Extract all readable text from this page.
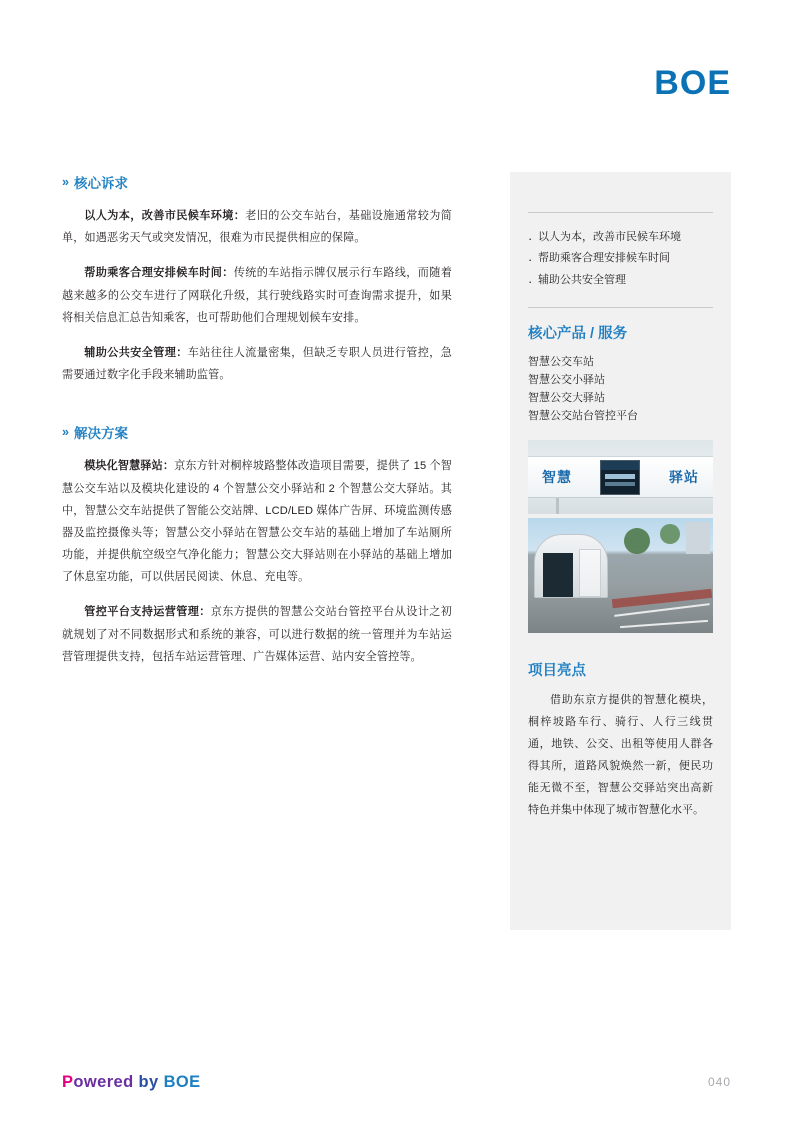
BOE
» 核心诉求

以人为本，改善市民候车环境：老旧的公交车站台，基础设施通常较为简单，如遇恶劣天气或突发情况，很难为市民提供相应的保障。

帮助乘客合理安排候车时间：传统的车站指示牌仅展示行车路线，而随着越来越多的公交车进行了网联化升级，其行驶线路实时可查询需求提升，如果将相关信息汇总告知乘客，也可帮助他们合理规划候车安排。

辅助公共安全管理：车站往往人流量密集，但缺乏专职人员进行管控，急需要通过数字化手段来辅助监管。

» 解决方案

模块化智慧驿站：京东方针对桐梓坡路整体改造项目需要，提供了 15 个智慧公交车站以及模块化建设的 4 个智慧公交小驿站和 2 个智慧公交大驿站。其中，智慧公交车站提供了智能公交站牌、LCD/LED 媒体广告屏、环境监测传感器及监控摄像头等；智慧公交小驿站在智慧公交车站的基础上增加了车站厕所功能，并提供航空级空气净化能力；智慧公交大驿站则在小驿站的基础上增加了休息室功能，可以供居民阅读、休息、充电等。

管控平台支持运营管理：京东方提供的智慧公交站台管控平台从设计之初就规划了对不同数据形式和系统的兼容，可以进行数据的统一管理并为车站运营管理提供支持，包括车站运营管理、广告媒体运营、站内安全管控等。

· 以人为本，改善市民候车环境
· 帮助乘客合理安排候车时间
· 辅助公共安全管理
核心产品 / 服务
智慧公交车站
智慧公交小驿站
智慧公交大驿站
智慧公交站台管控平台
智慧	驿站
项目亮点

借助东京方提供的智慧化模块，桐梓坡路车行、骑行、人行三线贯通，地铁、公交、出租等使用人群各得其所，道路风貌焕然一新，便民功能无微不至，智慧公交驿站突出高新特色并集中体现了城市智慧化水平。

Powered by BOE	040
